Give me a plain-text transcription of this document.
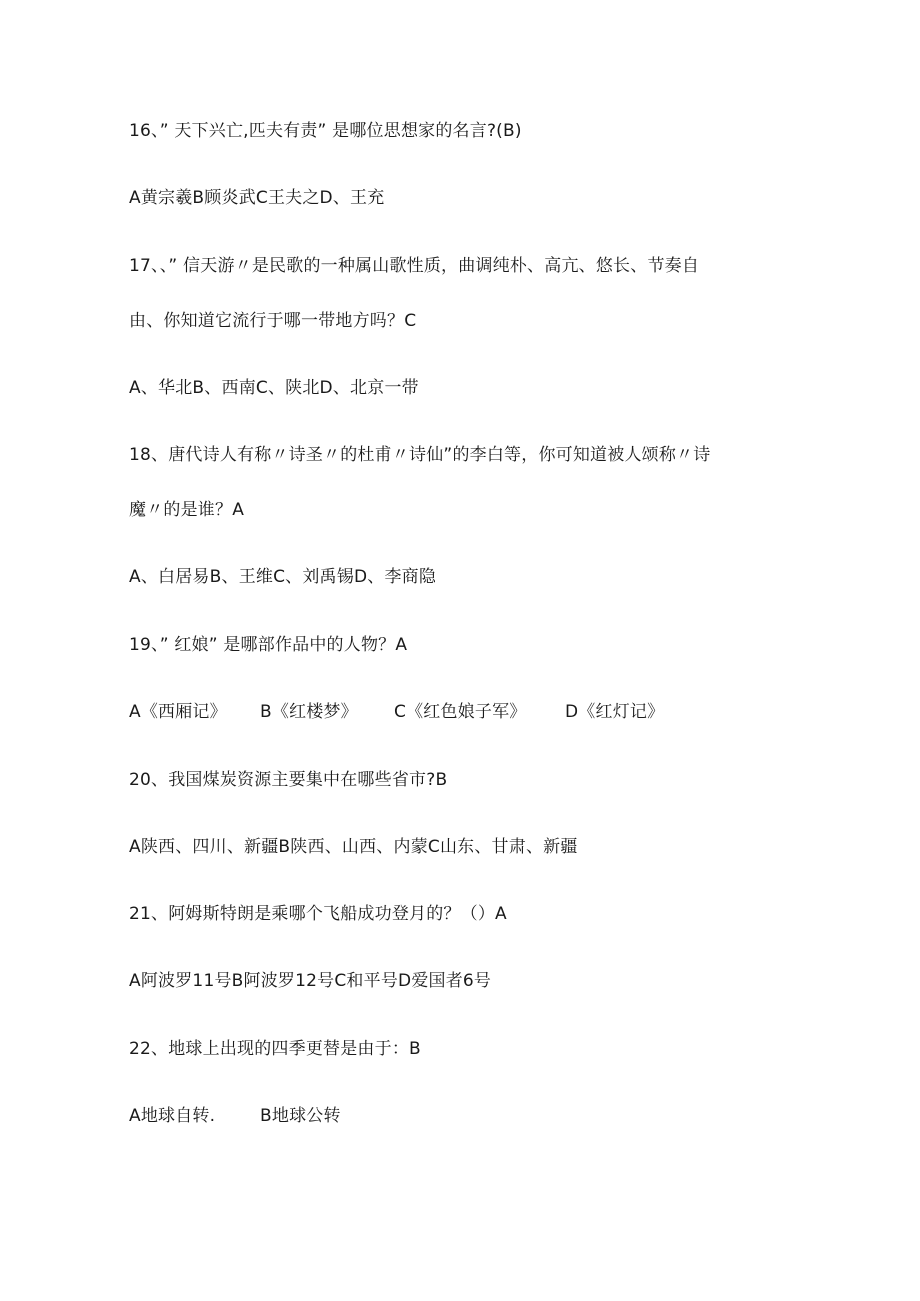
16、” 天下兴亡,匹夫有责” 是哪位思想家的名言?(B)
A黄宗羲B顾炎武C王夫之D、王充
17、、” 信天游〃是民歌的一种属山歌性质，曲调纯朴、高亢、悠长、节奏自
由、你知道它流行于哪一带地方吗？C
A、华北B、西南C、陕北D、北京一带
18、唐代诗人有称〃诗圣〃的杜甫〃诗仙”的李白等，你可知道被人颂称〃诗
魔〃的是谁？A
A、白居易B、王维C、刘禹锡D、李商隐
19、” 红娘” 是哪部作品中的人物？A
A《西厢记》 B《红楼梦》 C《红色娘子军》 D《红灯记》
20、我国煤炭资源主要集中在哪些省市?B
A陕西、四川、新疆B陕西、山西、内蒙C山东、甘肃、新疆
21、阿姆斯特朗是乘哪个飞船成功登月的？（）A
A阿波罗11号B阿波罗12号C和平号D爱国者6号
22、地球上出现的四季更替是由于：B
A地球自转.	B地球公转
